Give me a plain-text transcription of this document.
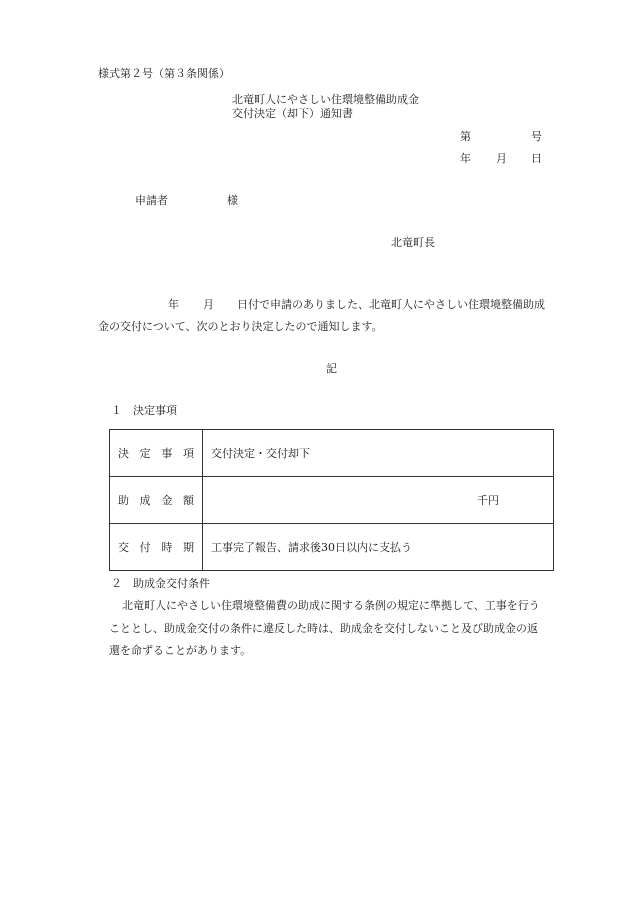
様式第２号（第３条関係）
北竜町人にやさしい住環境整備助成金
交付決定（却下）通知書
第	号
年 月 日
申請者	様
北竜町長
年 月 日付で申請のありました、北竜町人にやさしい住環境整備助成
金の交付について、次のとおり決定したので通知します。
記
１　決定事項
決定事項	交付決定・交付却下
助成金額	千円
交付時期	工事完了報告、請求後30日以内に支払う
２　助成金交付条件
北竜町人にやさしい住環境整備費の助成に関する条例の規定に準拠して、工事を行う
こととし、助成金交付の条件に違反した時は、助成金を交付しないこと及び助成金の返
還を命ずることがあります。
